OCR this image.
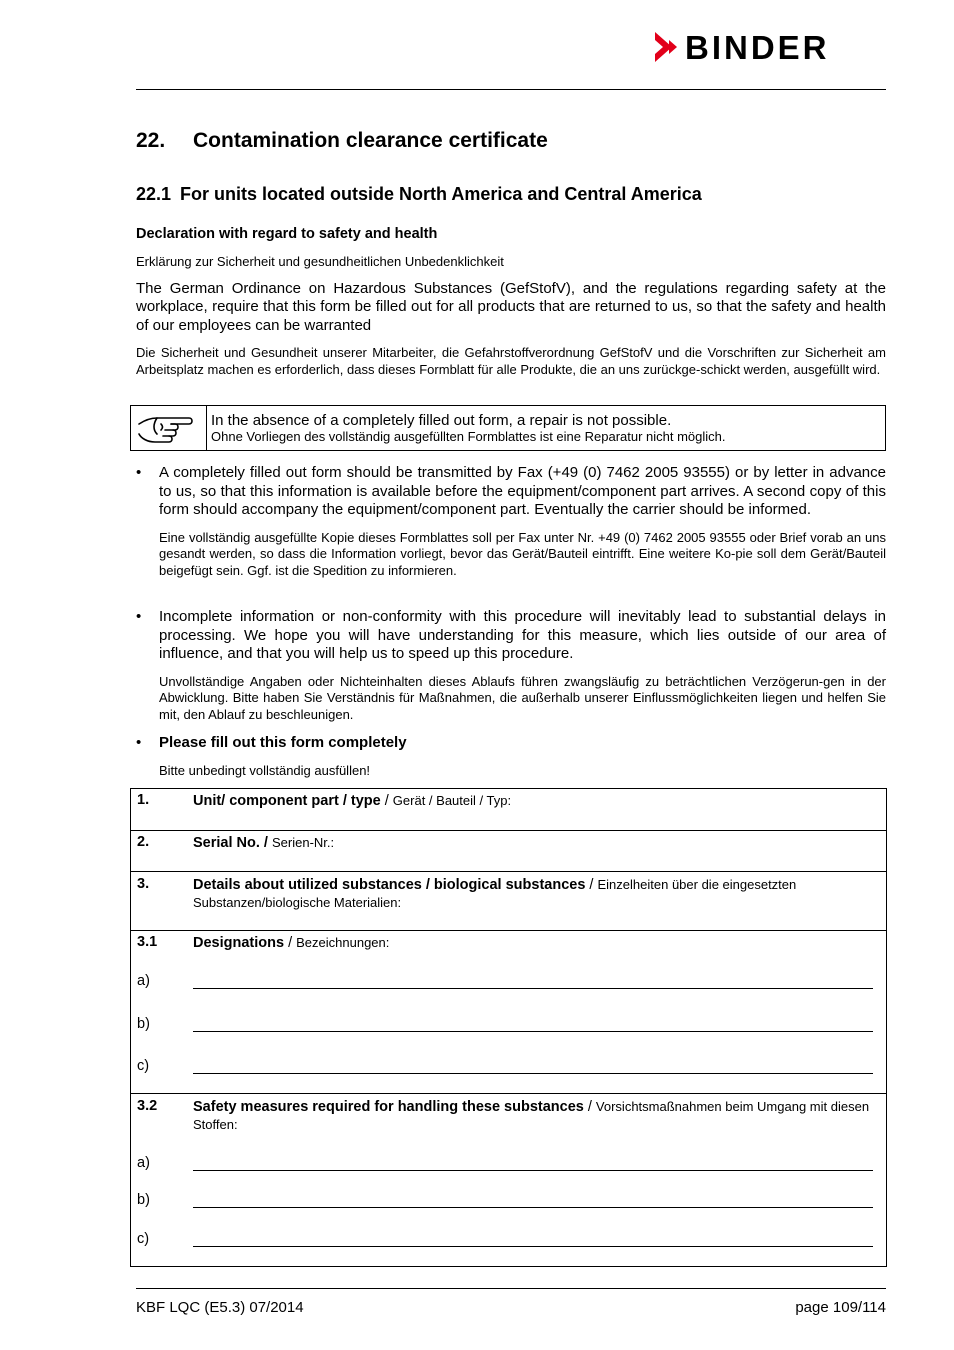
BINDER
22. Contamination clearance certificate
22.1 For units located outside North America and Central America
Declaration with regard to safety and health
Erklärung zur Sicherheit und gesundheitlichen Unbedenklichkeit
The German Ordinance on Hazardous Substances (GefStofV), and the regulations regarding safety at the workplace, require that this form be filled out for all products that are returned to us, so that the safety and health of our employees can be warranted
Die Sicherheit und Gesundheit unserer Mitarbeiter, die Gefahrstoffverordnung GefStofV und die Vorschriften zur Sicherheit am Arbeitsplatz machen es erforderlich, dass dieses Formblatt für alle Produkte, die an uns zurückge-schickt werden, ausgefüllt wird.
In the absence of a completely filled out form, a repair is not possible.
Ohne Vorliegen des vollständig ausgefüllten Formblattes ist eine Reparatur nicht möglich.
• A completely filled out form should be transmitted by Fax (+49 (0) 7462 2005 93555) or by letter in advance to us, so that this information is available before the equipment/component part arrives. A second copy of this form should accompany the equipment/component part. Eventually the carrier should be informed.
Eine vollständig ausgefüllte Kopie dieses Formblattes soll per Fax unter Nr. +49 (0) 7462 2005 93555 oder Brief vorab an uns gesandt werden, so dass die Information vorliegt, bevor das Gerät/Bauteil eintrifft. Eine weitere Ko-pie soll dem Gerät/Bauteil beigefügt sein. Ggf. ist die Spedition zu informieren.
• Incomplete information or non-conformity with this procedure will inevitably lead to substantial delays in processing. We hope you will have understanding for this measure, which lies outside of our area of influence, and that you will help us to speed up this procedure.
Unvollständige Angaben oder Nichteinhalten dieses Ablaufs führen zwangsläufig zu beträchtlichen Verzögerun-gen in der Abwicklung. Bitte haben Sie Verständnis für Maßnahmen, die außerhalb unserer Einflussmöglichkeiten liegen und helfen Sie mit, den Ablauf zu beschleunigen.
• Please fill out this form completely
Bitte unbedingt vollständig ausfüllen!
1.	Unit/ component part / type / Gerät / Bauteil / Typ:
2.	Serial No. / Serien-Nr.:
3.	Details about utilized substances / biological substances / Einzelheiten über die eingesetzten Substanzen/biologische Materialien:
3.1 Designations / Bezeichnungen:
a)
b)
c)
3.2 Safety measures required for handling these substances / Vorsichtsmaßnahmen beim Umgang mit diesen Stoffen:
a)
b)
c)
KBF LQC (E5.3) 07/2014	page 109/114
